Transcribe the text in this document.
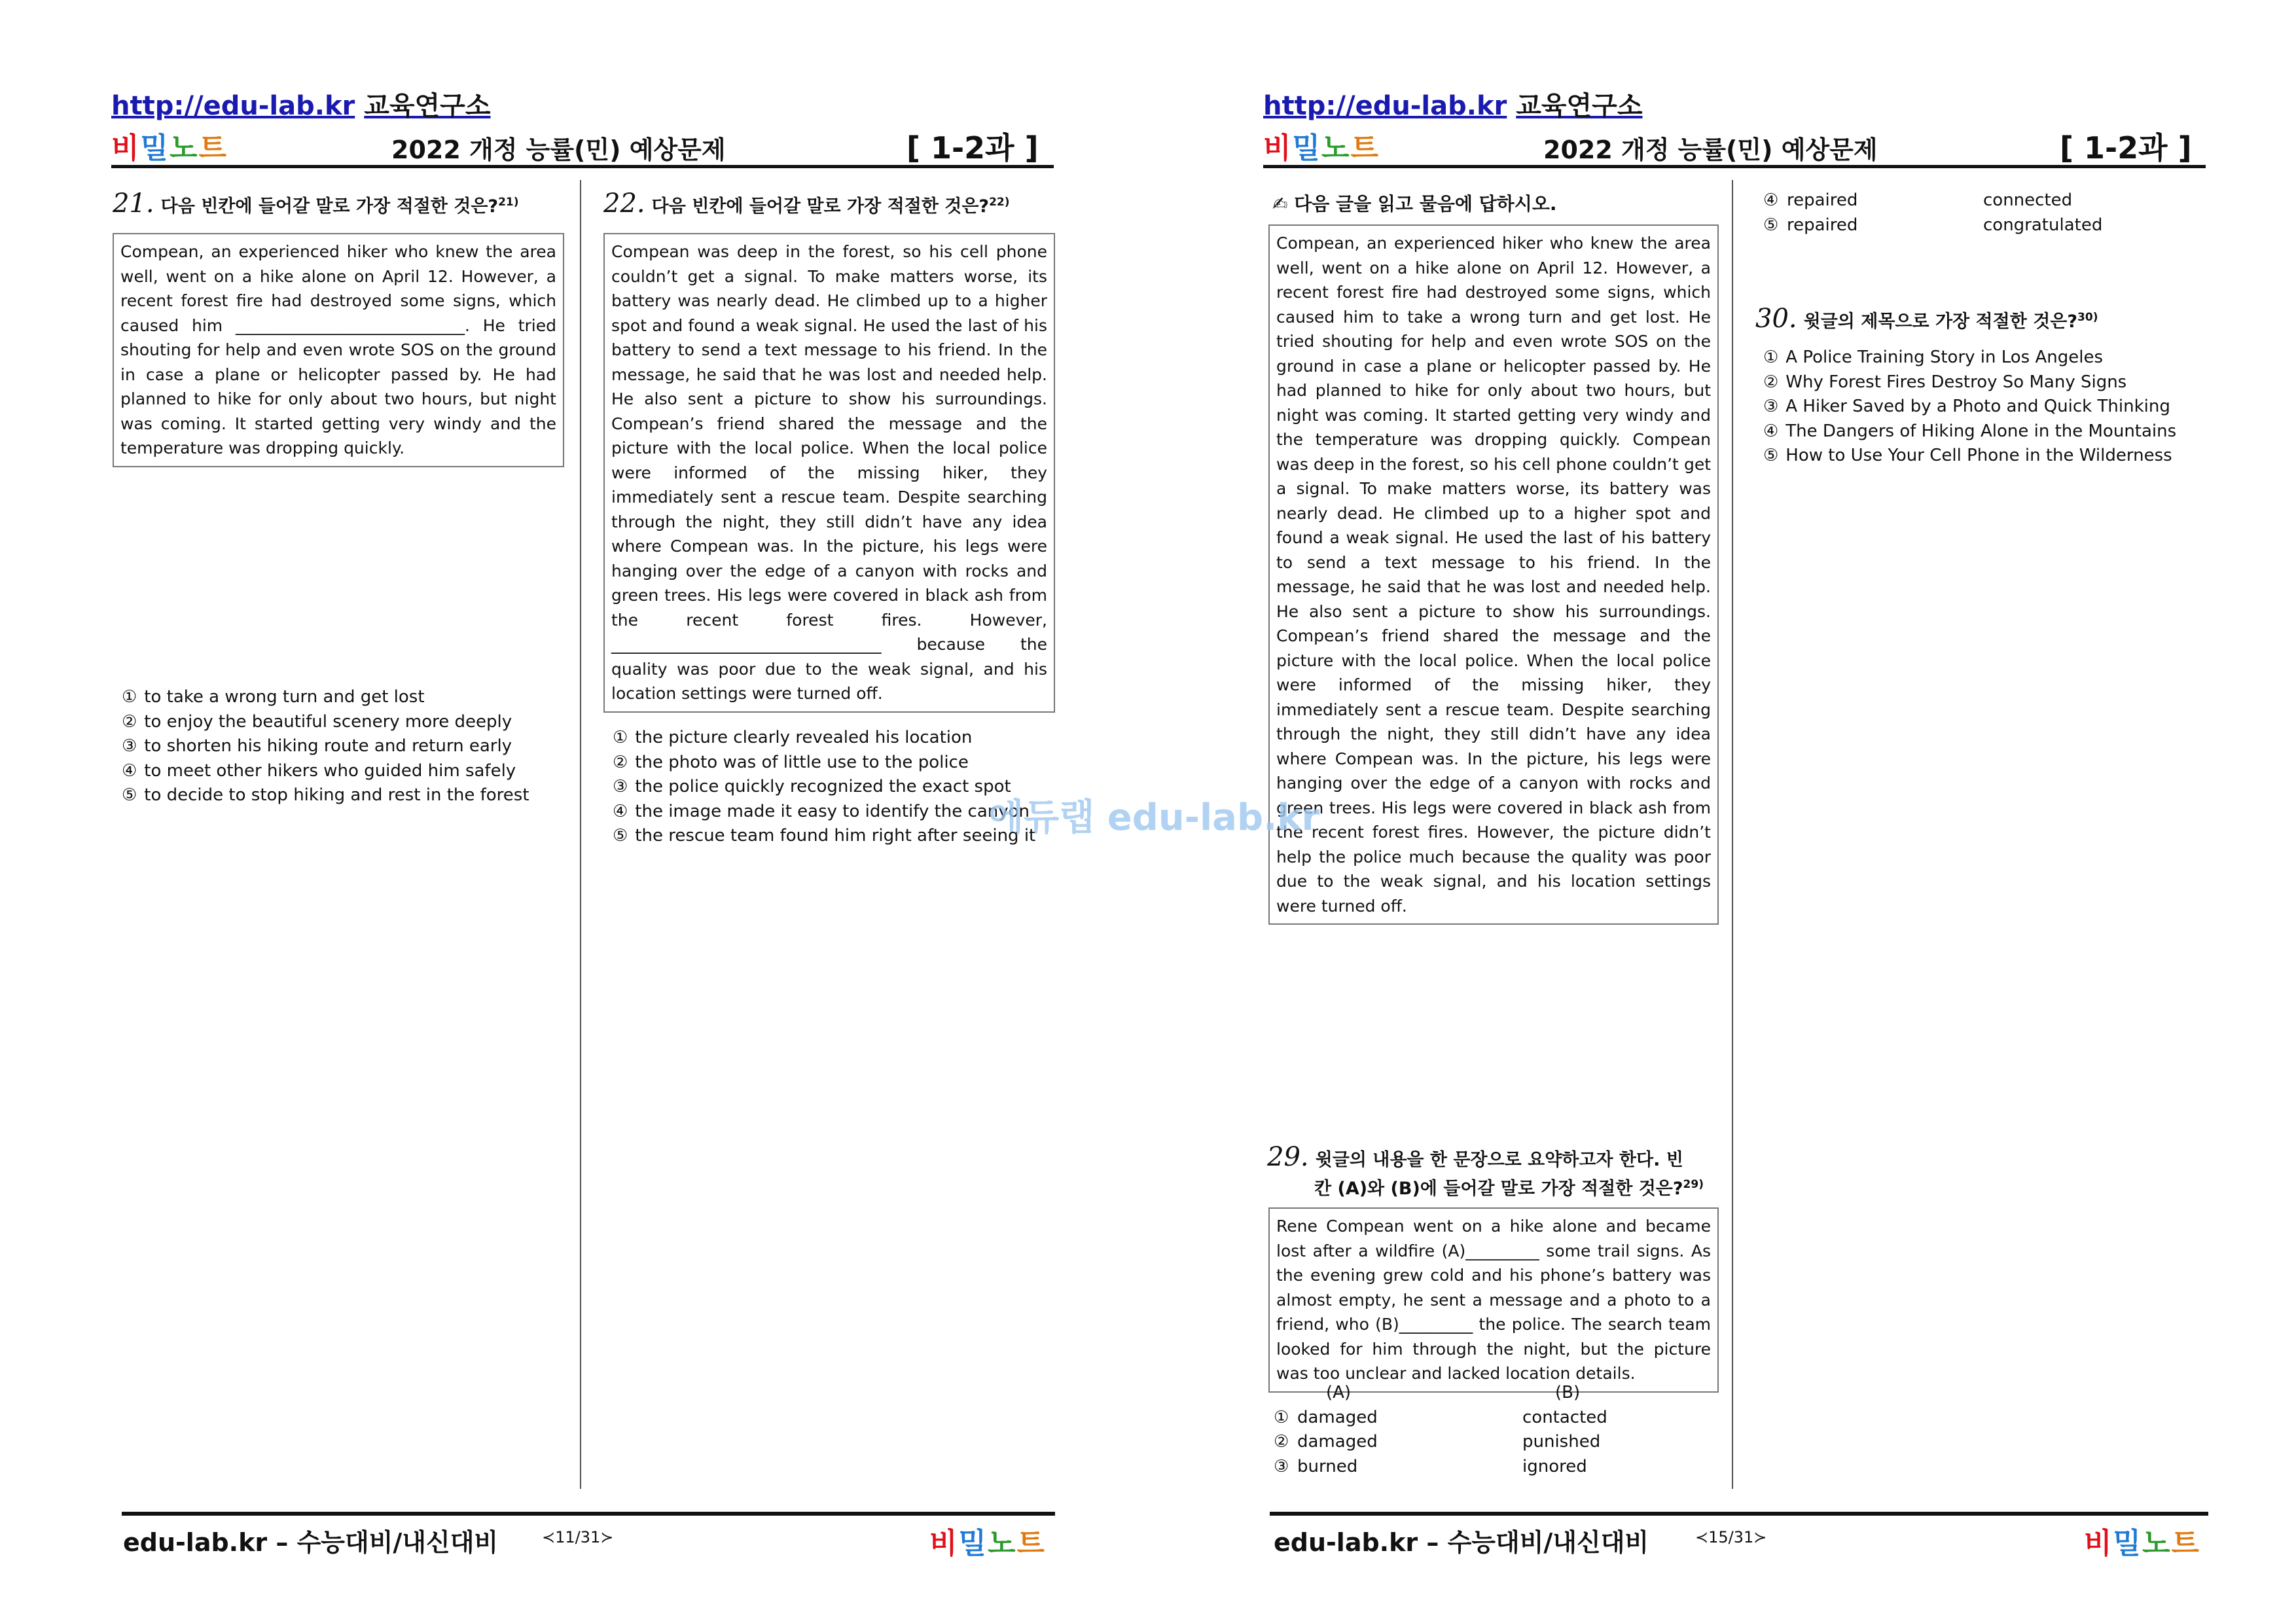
http://edu-lab.kr 교육연구소
비밀노트	2022 개정 능률(민) 예상문제	[ 1-2과 ]
21. 다음 빈칸에 들어갈 말로 가장 적절한 것은?$^{21)}$
Compean, an experienced hiker who knew the area well, went on a hike alone on April 12. However, a recent forest fire had destroyed some signs, which caused him ____________________________. He tried shouting for help and even wrote SOS on the ground in case a plane or helicopter passed by. He had planned to hike for only about two hours, but night was coming. It started getting very windy and the temperature was dropping quickly.
① to take a wrong turn and get lost
② to enjoy the beautiful scenery more deeply
③ to shorten his hiking route and return early
④ to meet other hikers who guided him safely
⑤ to decide to stop hiking and rest in the forest
22. 다음 빈칸에 들어갈 말로 가장 적절한 것은?$^{22)}$
Compean was deep in the forest, so his cell phone couldn’t get a signal. To make matters worse, its battery was nearly dead. He climbed up to a higher spot and found a weak signal. He used the last of his battery to send a text message to his friend. In the message, he said that he was lost and needed help. He also sent a picture to show his surroundings. Compean’s friend shared the message and the picture with the local police. When the local police were informed of the missing hiker, they immediately sent a rescue team. Despite searching through the night, they still didn’t have any idea where Compean was. In the picture, his legs were hanging over the edge of a canyon with rocks and green trees. His legs were covered in black ash from the recent forest fires. However, _________________________________ because the quality was poor due to the weak signal, and his location settings were turned off.
① the picture clearly revealed his location
② the photo was of little use to the police
③ the police quickly recognized the exact spot
④ the image made it easy to identify the canyon
⑤ the rescue team found him right after seeing it
edu-lab.kr – 수능대비/내신대비	≺11/31≻	비밀노트
http://edu-lab.kr 교육연구소
비밀노트	2022 개정 능률(민) 예상문제	[ 1-2과 ]
✍ 다음 글을 읽고 물음에 답하시오.
Compean, an experienced hiker who knew the area well, went on a hike alone on April 12. However, a recent forest fire had destroyed some signs, which caused him to take a wrong turn and get lost. He tried shouting for help and even wrote SOS on the ground in case a plane or helicopter passed by. He had planned to hike for only about two hours, but night was coming. It started getting very windy and the temperature was dropping quickly. Compean was deep in the forest, so his cell phone couldn’t get a signal. To make matters worse, its battery was nearly dead. He climbed up to a higher spot and found a weak signal. He used the last of his battery to send a text message to his friend. In the message, he said that he was lost and needed help. He also sent a picture to show his surroundings. Compean’s friend shared the message and the picture with the local police. When the local police were informed of the missing hiker, they immediately sent a rescue team. Despite searching through the night, they still didn’t have any idea where Compean was. In the picture, his legs were hanging over the edge of a canyon with rocks and green trees. His legs were covered in black ash from the recent forest fires. However, the picture didn’t help the police much because the quality was poor due to the weak signal, and his location settings were turned off.
29. 윗글의 내용을 한 문장으로 요약하고자 한다. 빈
칸 (A)와 (B)에 들어갈 말로 가장 적절한 것은?$^{29)}$
Rene Compean went on a hike alone and became lost after a wildfire (A)_________ some trail signs. As the evening grew cold and his phone’s battery was almost empty, he sent a message and a photo to a friend, who (B)_________ the police. The search team looked for him through the night, but the picture was too unclear and lacked location details.
	(A)	(B)
①	damaged	contacted
②	damaged	punished
③	burned	ignored
④	repaired	connected
⑤	repaired	congratulated
30. 윗글의 제목으로 가장 적절한 것은?$^{30)}$
① A Police Training Story in Los Angeles
② Why Forest Fires Destroy So Many Signs
③ A Hiker Saved by a Photo and Quick Thinking
④ The Dangers of Hiking Alone in the Mountains
⑤ How to Use Your Cell Phone in the Wilderness
edu-lab.kr – 수능대비/내신대비	≺15/31≻	비밀노트
에듀랩 edu-lab.kr
